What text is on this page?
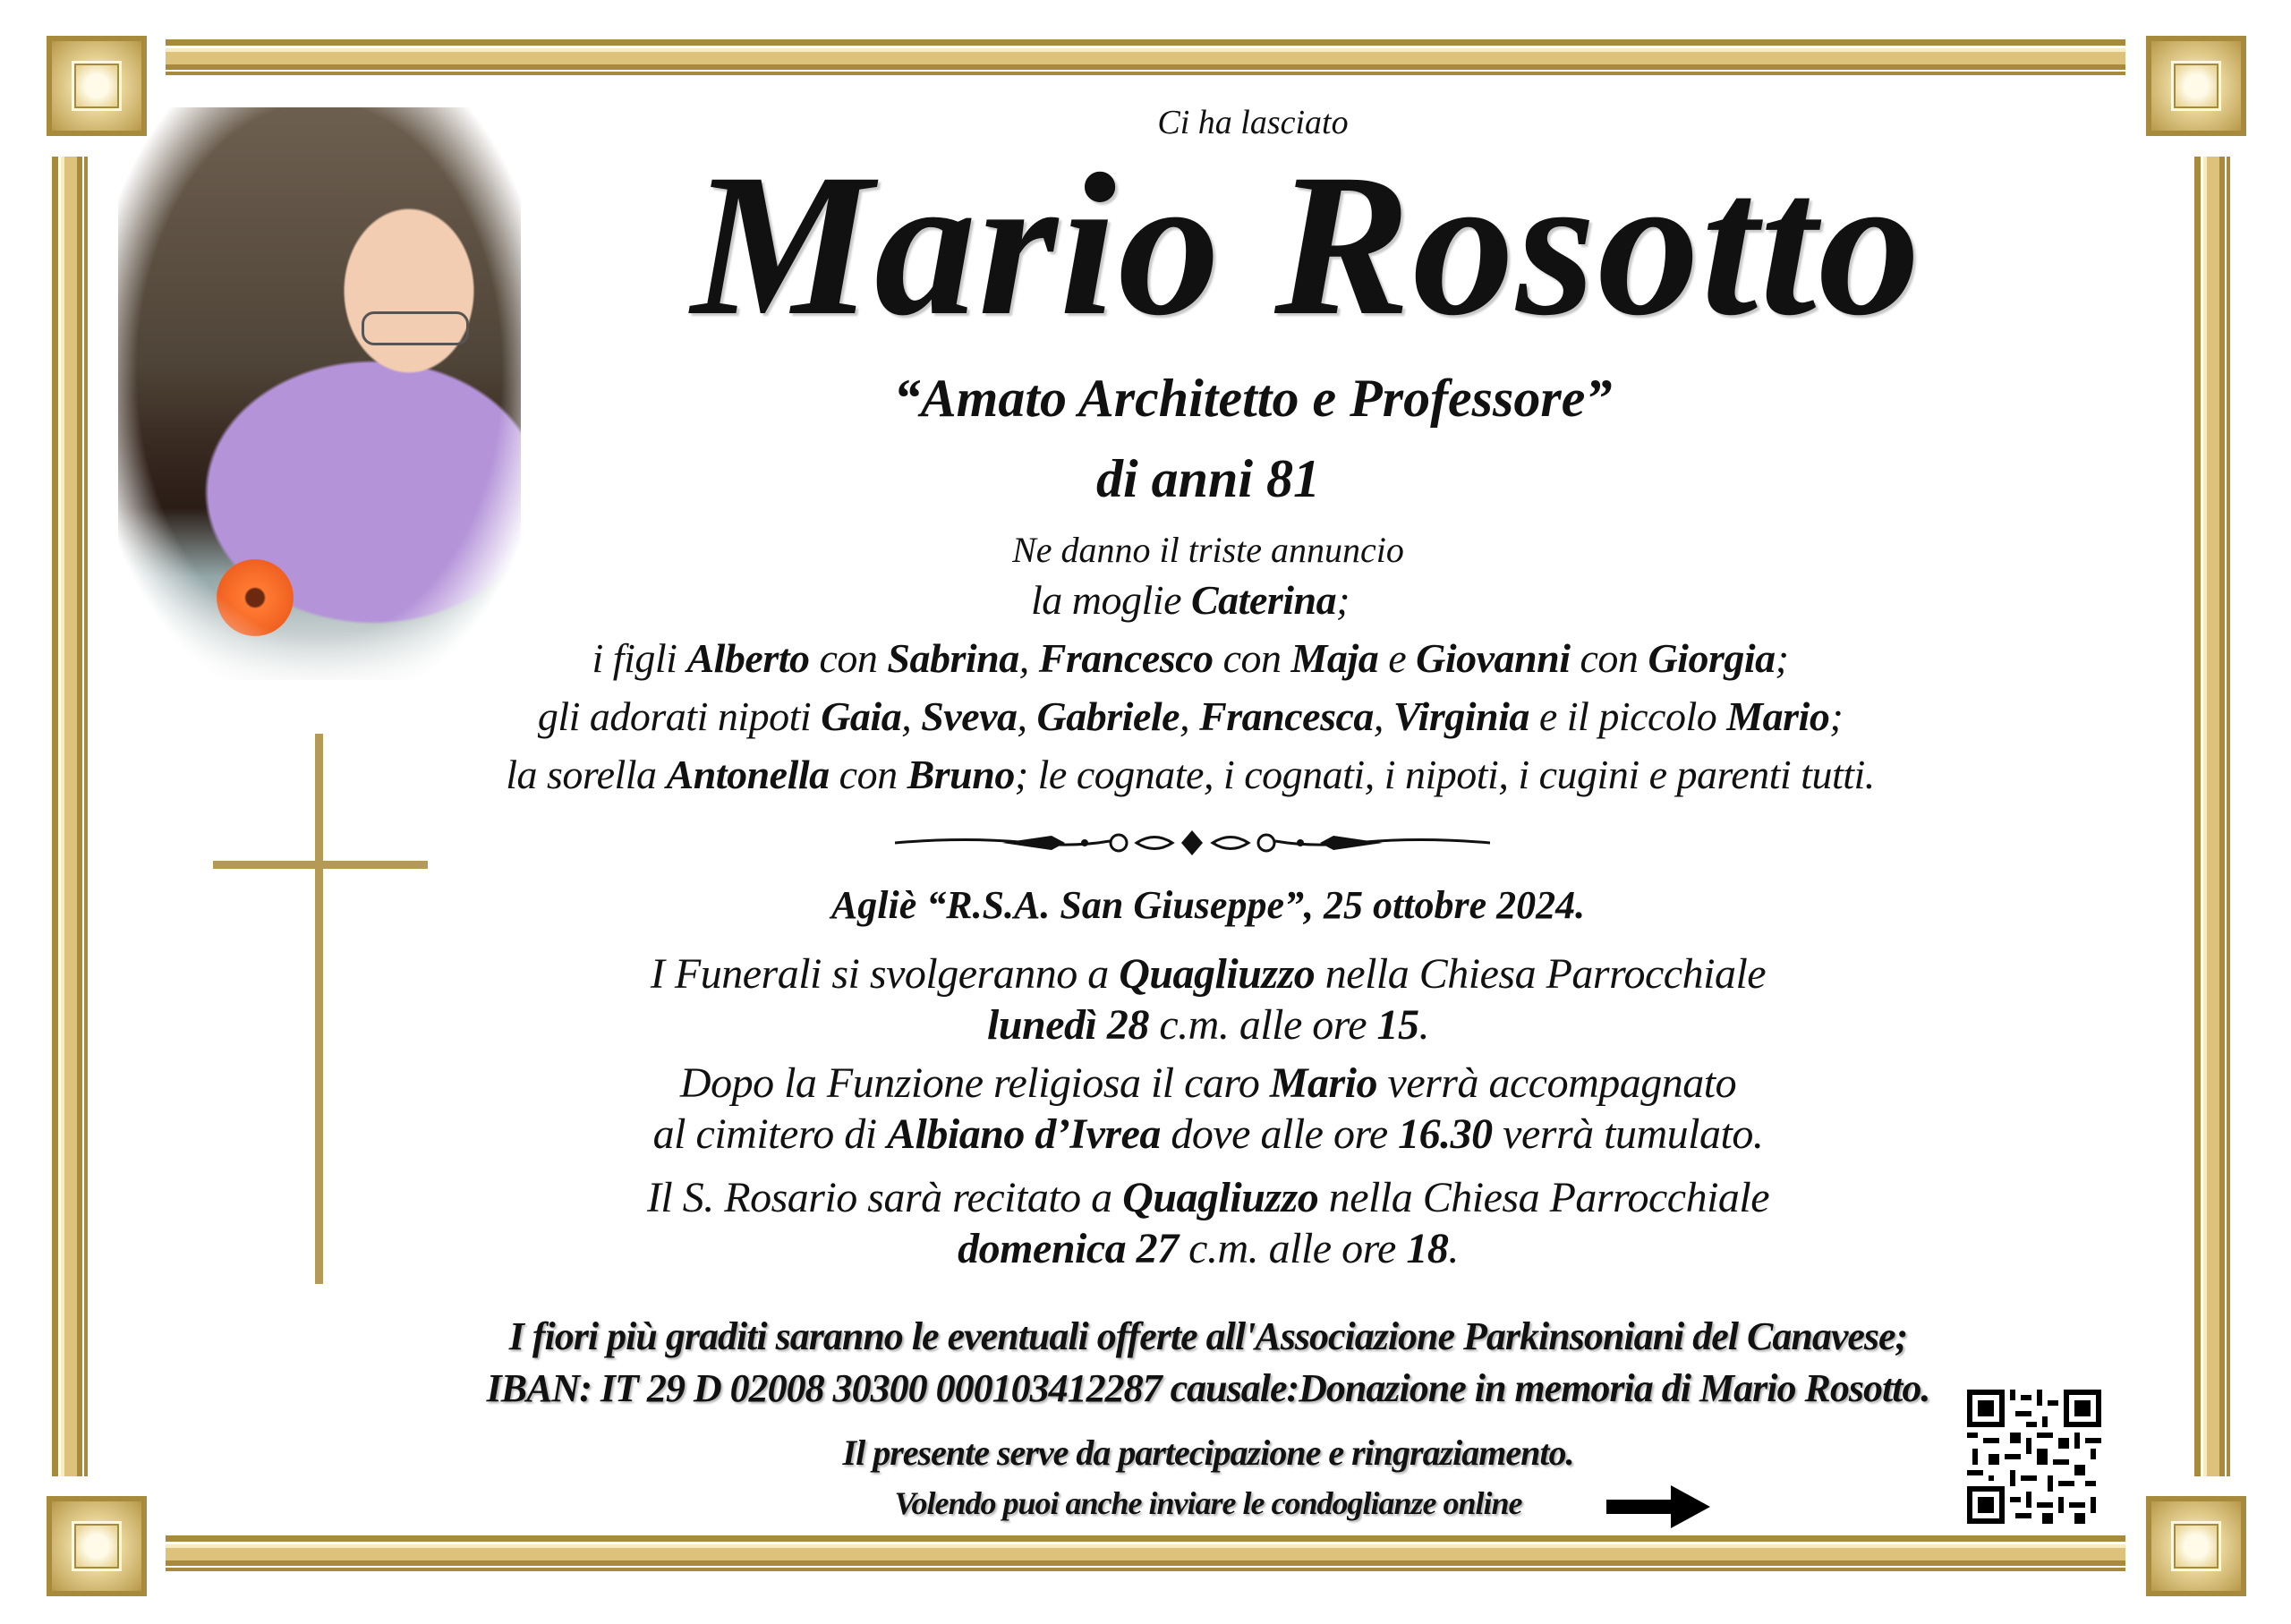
Ci ha lasciato
Mario Rosotto
“Amato Architetto e Professore”
di anni 81
Ne danno il triste annuncio
la moglie Caterina;
i figli Alberto con Sabrina, Francesco con Maja e Giovanni con Giorgia;
gli adorati nipoti Gaia, Sveva, Gabriele, Francesca, Virginia e il piccolo Mario;
la sorella Antonella con Bruno; le cognate, i cognati, i nipoti, i cugini e parenti tutti.
Agliè “R.S.A. San Giuseppe”, 25 ottobre 2024.
I Funerali si svolgeranno a Quagliuzzo nella Chiesa Parrocchiale
lunedì 28 c.m. alle ore 15.
Dopo la Funzione religiosa il caro Mario verrà accompagnato
al cimitero di Albiano d’Ivrea dove alle ore 16.30 verrà tumulato.
Il S. Rosario sarà recitato a Quagliuzzo nella Chiesa Parrocchiale
domenica 27 c.m. alle ore 18.
I fiori più graditi saranno le eventuali offerte all'Associazione Parkinsoniani del Canavese;
IBAN: IT 29 D 02008 30300 000103412287 causale:Donazione in memoria di Mario Rosotto.
Il presente serve da partecipazione e ringraziamento.
Volendo puoi anche inviare le condoglianze online
